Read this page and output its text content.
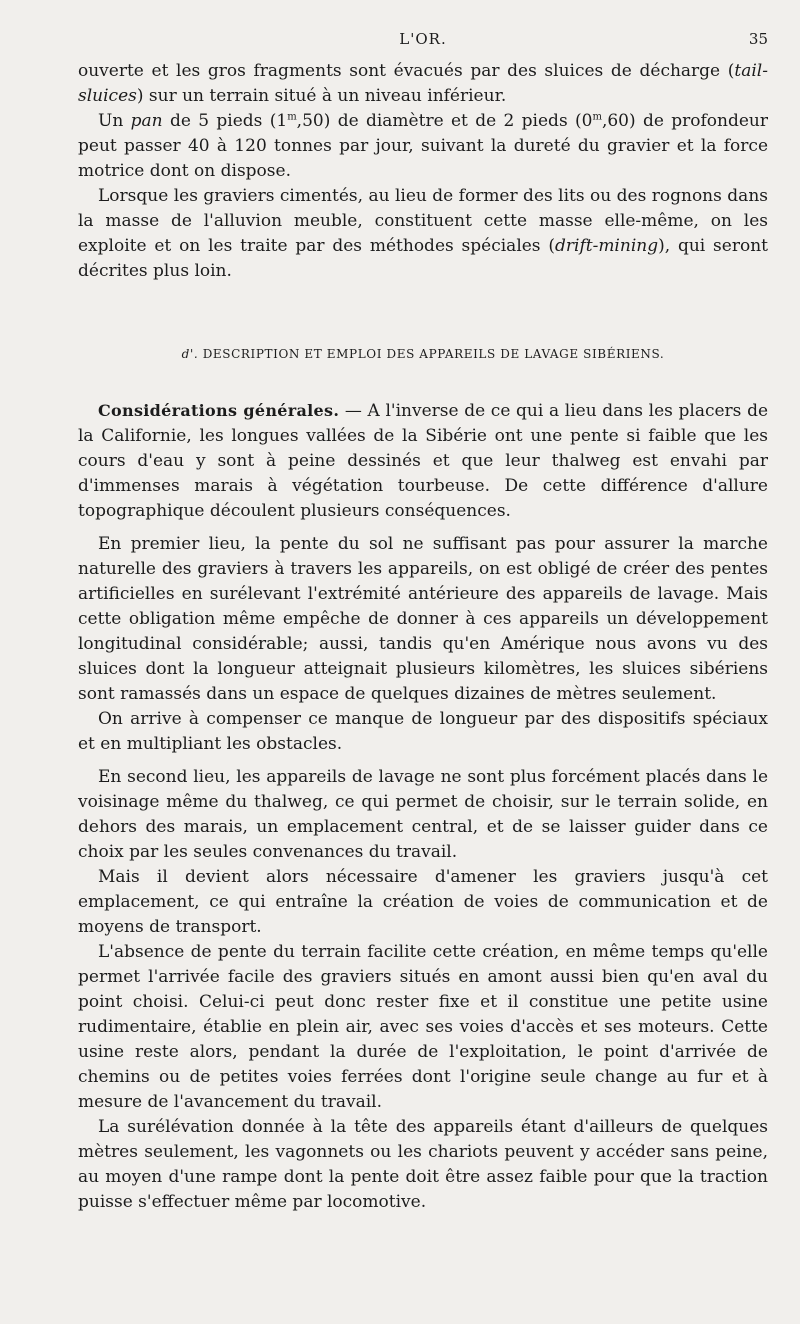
L'OR.	35

ouverte et les gros fragments sont évacués par des sluices de décharge (tail-sluices) sur un terrain situé à un niveau inférieur.

Un pan de 5 pieds (1$^m$,50) de diamètre et de 2 pieds (0$^m$,60) de profondeur peut passer 40 à 120 tonnes par jour, suivant la dureté du gravier et la force motrice dont on dispose.

Lorsque les graviers cimentés, au lieu de former des lits ou des rognons dans la masse de l'alluvion meuble, constituent cette masse elle-même, on les exploite et on les traite par des méthodes spéciales (drift-mining), qui seront décrites plus loin.

d'. DESCRIPTION ET EMPLOI DES APPAREILS DE LAVAGE SIBÉRIENS.

Considérations générales. — A l'inverse de ce qui a lieu dans les placers de la Californie, les longues vallées de la Sibérie ont une pente si faible que les cours d'eau y sont à peine dessinés et que leur thalweg est envahi par d'immenses marais à végétation tourbeuse. De cette différence d'allure topographique découlent plusieurs conséquences.

En premier lieu, la pente du sol ne suffisant pas pour assurer la marche naturelle des graviers à travers les appareils, on est obligé de créer des pentes artificielles en surélevant l'extrémité antérieure des appareils de lavage. Mais cette obligation même empêche de donner à ces appareils un développement longitudinal considérable; aussi, tandis qu'en Amérique nous avons vu des sluices dont la longueur atteignait plusieurs kilomètres, les sluices sibériens sont ramassés dans un espace de quelques dizaines de mètres seulement.

On arrive à compenser ce manque de longueur par des dispositifs spéciaux et en multipliant les obstacles.

En second lieu, les appareils de lavage ne sont plus forcément placés dans le voisinage même du thalweg, ce qui permet de choisir, sur le terrain solide, en dehors des marais, un emplacement central, et de se laisser guider dans ce choix par les seules convenances du travail.

Mais il devient alors nécessaire d'amener les graviers jusqu'à cet emplacement, ce qui entraîne la création de voies de communication et de moyens de transport.

L'absence de pente du terrain facilite cette création, en même temps qu'elle permet l'arrivée facile des graviers situés en amont aussi bien qu'en aval du point choisi. Celui-ci peut donc rester fixe et il constitue une petite usine rudimentaire, établie en plein air, avec ses voies d'accès et ses moteurs. Cette usine reste alors, pendant la durée de l'exploitation, le point d'arrivée de chemins ou de petites voies ferrées dont l'origine seule change au fur et à mesure de l'avancement du travail.

La surélévation donnée à la tête des appareils étant d'ailleurs de quelques mètres seulement, les vagonnets ou les chariots peuvent y accéder sans peine, au moyen d'une rampe dont la pente doit être assez faible pour que la traction puisse s'effectuer même par locomotive.
